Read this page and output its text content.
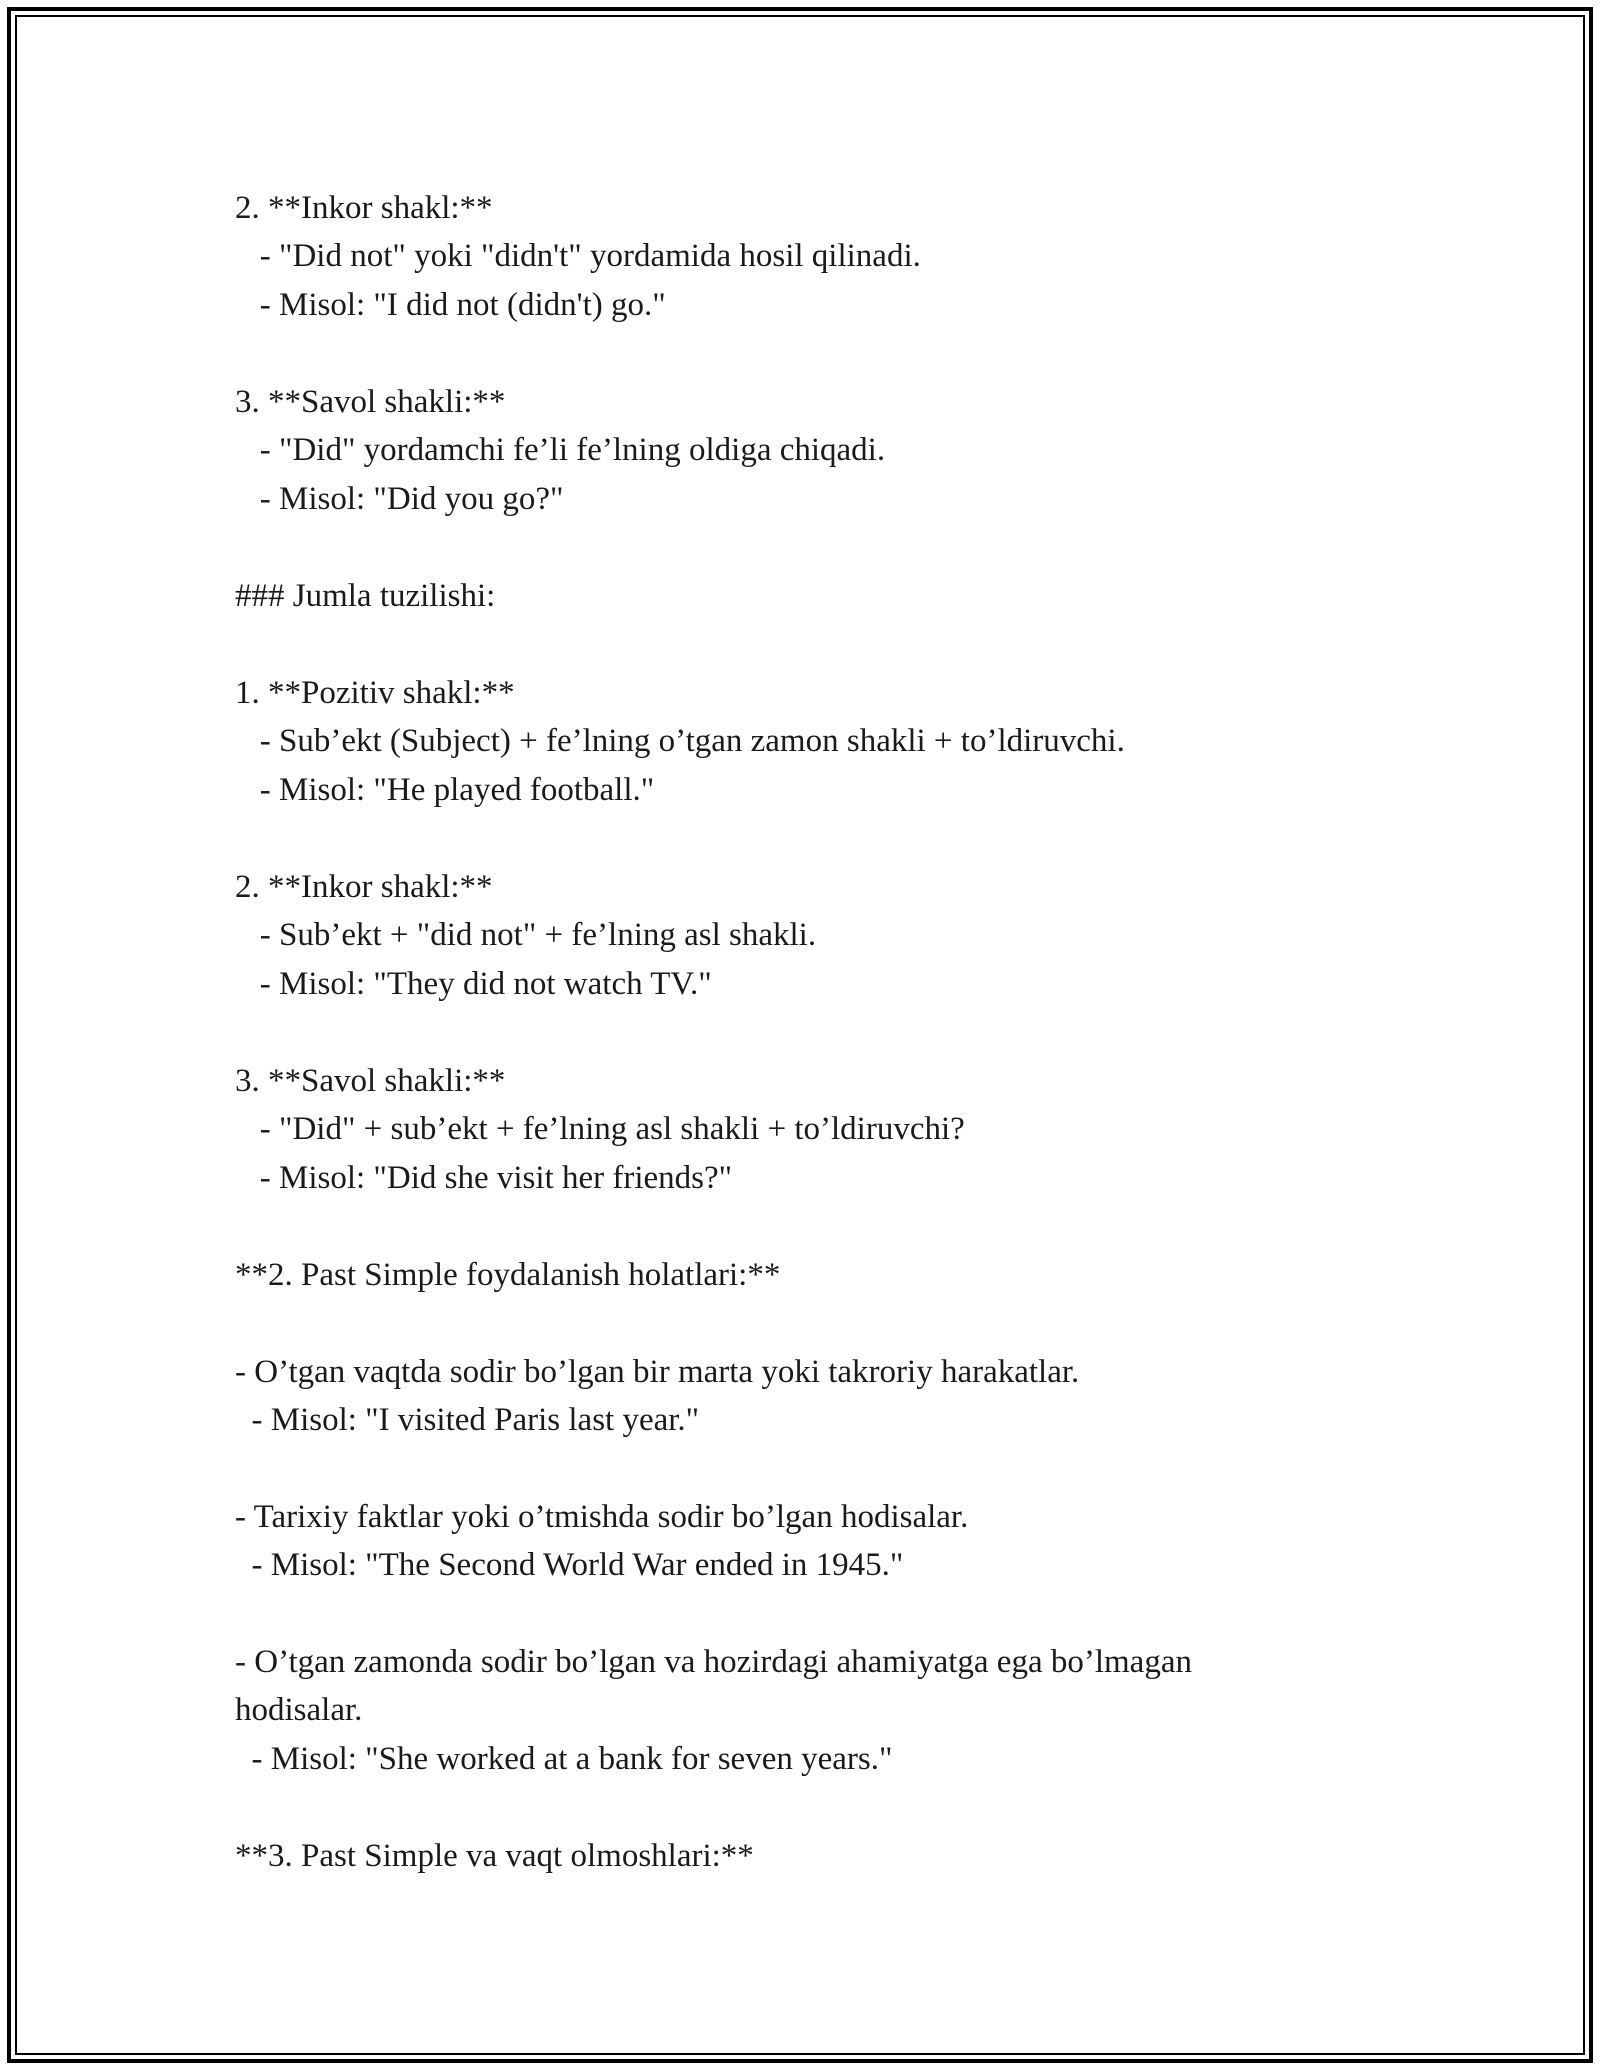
2. **Inkor shakl:**

- "Did not" yoki "didn't" yordamida hosil qilinadi.

- Misol: "I did not (didn't) go."

3. **Savol shakli:**

- "Did" yordamchi fe’li fe’lning oldiga chiqadi.

- Misol: "Did you go?"

### Jumla tuzilishi:

1. **Pozitiv shakl:**

- Sub’ekt (Subject) + fe’lning o’tgan zamon shakli + to’ldiruvchi.

- Misol: "He played football."

2. **Inkor shakl:**

- Sub’ekt + "did not" + fe’lning asl shakli.

- Misol: "They did not watch TV."

3. **Savol shakli:**

- "Did" + sub’ekt + fe’lning asl shakli + to’ldiruvchi?

- Misol: "Did she visit her friends?"

**2. Past Simple foydalanish holatlari:**

- O’tgan vaqtda sodir bo’lgan bir marta yoki takroriy harakatlar.

- Misol: "I visited Paris last year."

- Tarixiy faktlar yoki o’tmishda sodir bo’lgan hodisalar.

- Misol: "The Second World War ended in 1945."

- O’tgan zamonda sodir bo’lgan va hozirdagi ahamiyatga ega bo’lmagan

hodisalar.

- Misol: "She worked at a bank for seven years."

**3. Past Simple va vaqt olmoshlari:**
